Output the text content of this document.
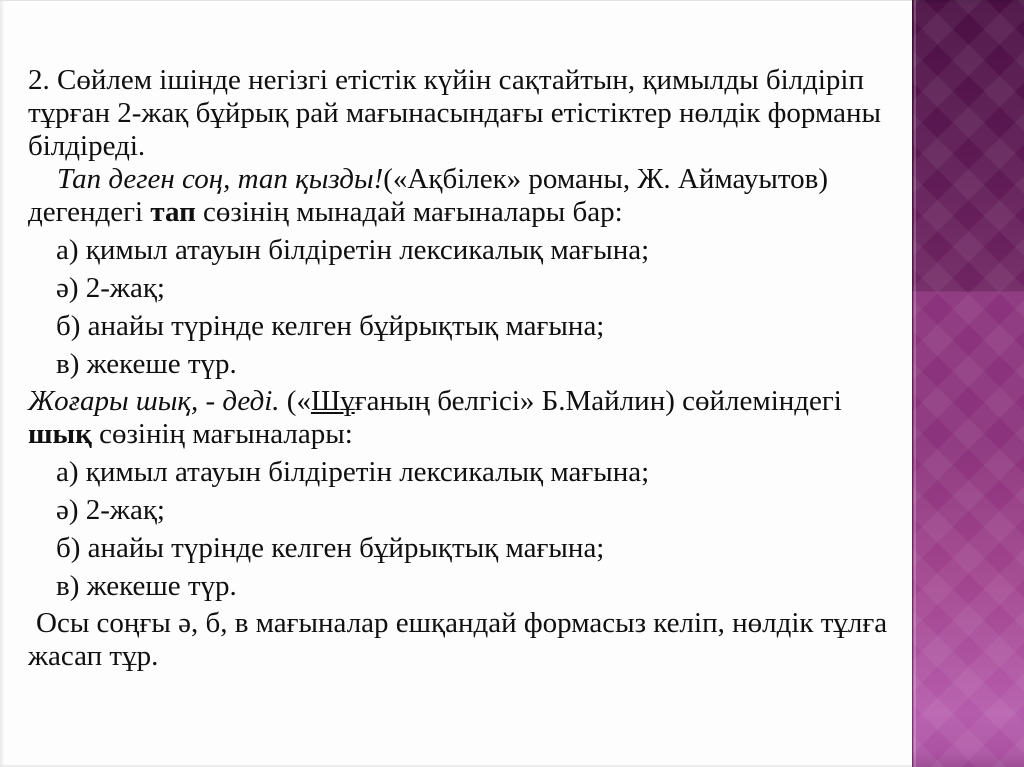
2. Сөйлем ішінде негізгі етістік күйін сақтайтын, қимылды білдіріп тұрған 2-жақ бұйрық рай мағынасындағы етістіктер нөлдік форманы білдіреді.

Тап деген соң, тап қызды!(«Ақбілек» романы, Ж. Аймауытов) дегендегі тап сөзінің мынадай мағыналары бар:

а) қимыл атауын білдіретін лексикалық мағына;

ә) 2-жақ;

б) анайы түрінде келген бұйрықтық мағына;

в) жекеше түр.

Жоғары шық, - деді. («Шұғаның белгісі» Б.Майлин) сөйлеміндегі шық сөзінің мағыналары:

а) қимыл атауын білдіретін лексикалық мағына;

ә) 2-жақ;

б) анайы түрінде келген бұйрықтық мағына;

в) жекеше түр.

Осы соңғы ә, б, в мағыналар ешқандай формасыз келіп, нөлдік тұлға жасап тұр.
